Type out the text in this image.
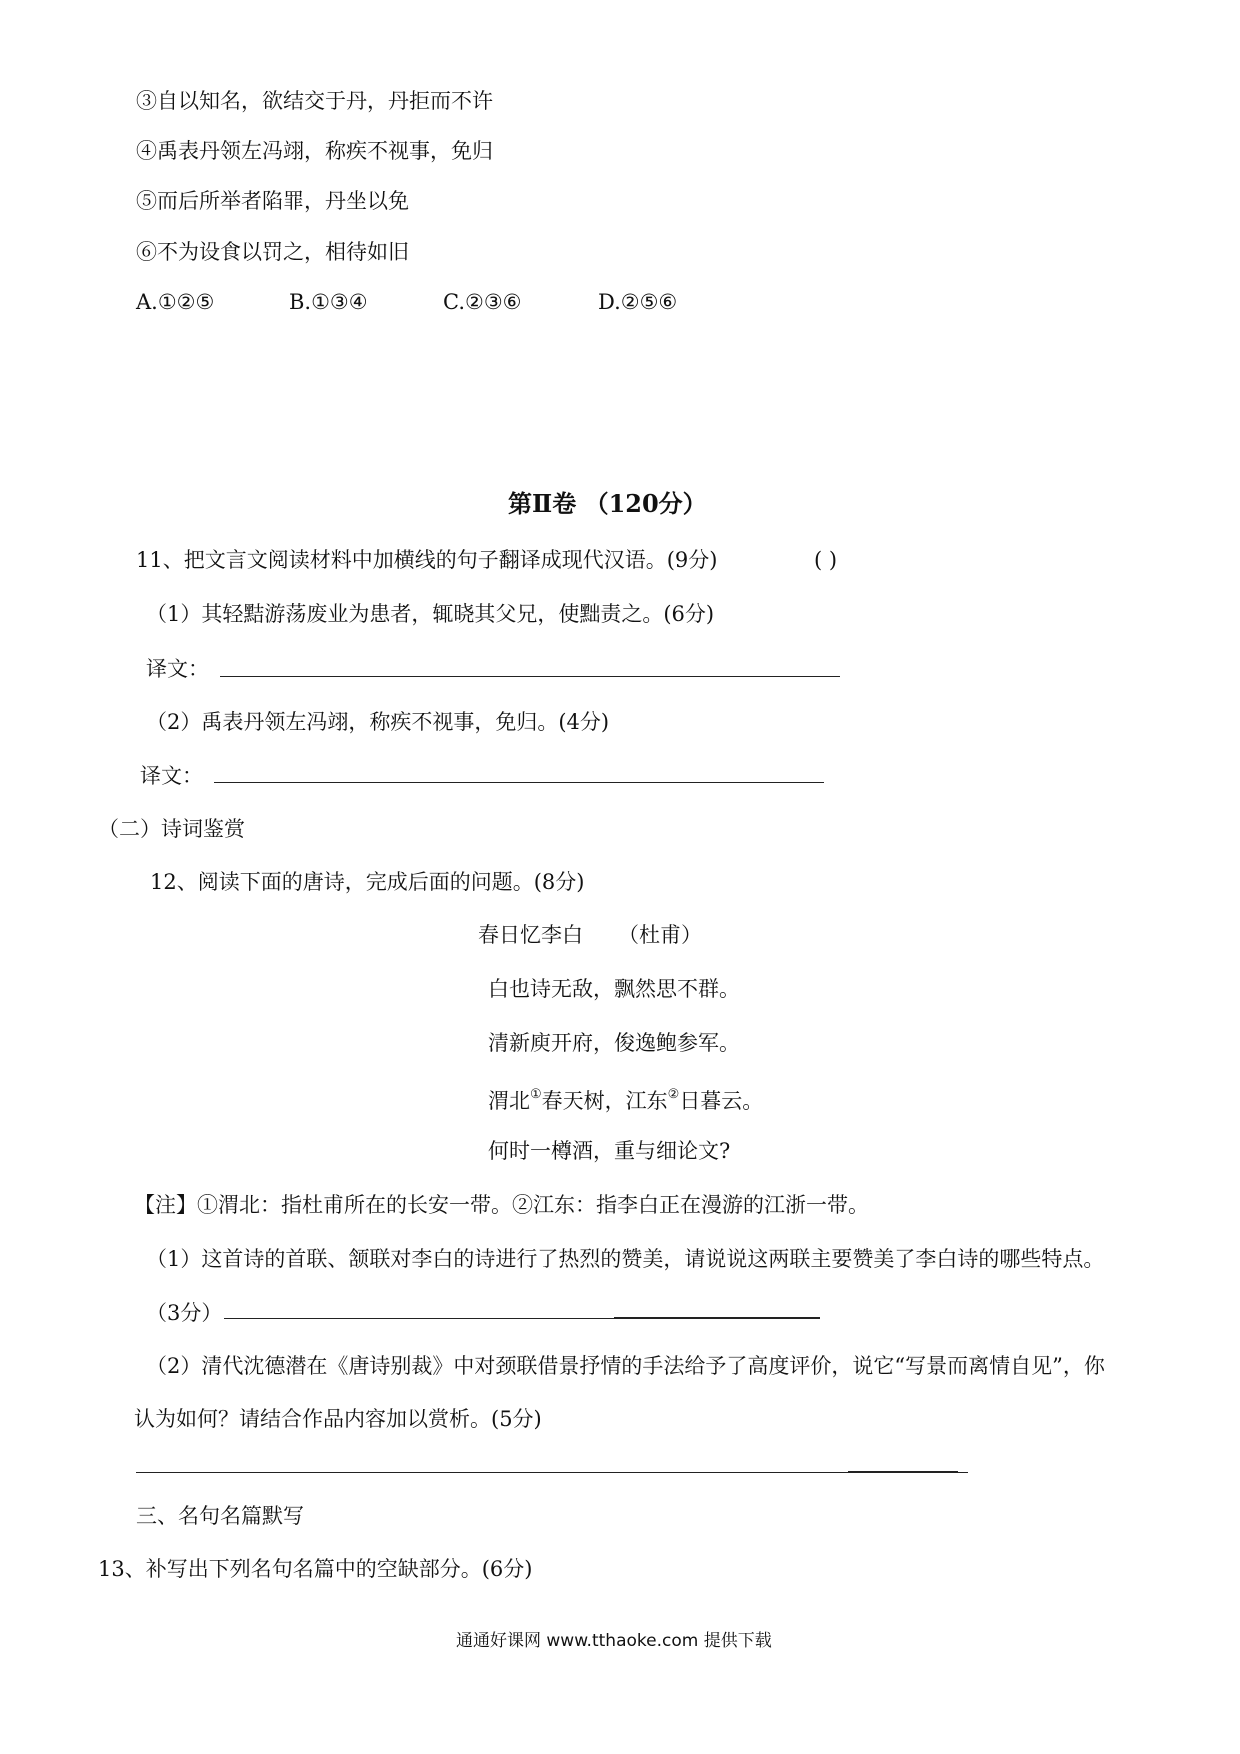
③自以知名，欲结交于丹，丹拒而不许
④禹表丹领左冯翊，称疾不视事，免归
⑤而后所举者陷罪，丹坐以免
⑥不为设食以罚之，相待如旧
A.①②⑤	B.①③④	C.②③⑥	D.②⑤⑥
第Ⅱ卷 （120分）
11、把文言文阅读材料中加横线的句子翻译成现代汉语。(9分)	( )
（1）其轻黠游荡废业为患者，辄晓其父兄，使黜责之。(6分)
译文：
（2）禹表丹领左冯翊，称疾不视事，免归。(4分)
译文：
（二）诗词鉴赏
12、阅读下面的唐诗，完成后面的问题。(8分)
春日忆李白 （杜甫）
白也诗无敌，飘然思不群。
清新庾开府，俊逸鲍参军。
渭北①春天树，江东②日暮云。
何时一樽酒，重与细论文?
【注】①渭北：指杜甫所在的长安一带。②江东：指李白正在漫游的江浙一带。
（1）这首诗的首联、颔联对李白的诗进行了热烈的赞美，请说说这两联主要赞美了李白诗的哪些特点。
（3分）
（2）清代沈德潜在《唐诗别裁》中对颈联借景抒情的手法给予了高度评价，说它“写景而离情自见”，你
认为如何？请结合作品内容加以赏析。(5分)
三、名句名篇默写
13、补写出下列名句名篇中的空缺部分。(6分)
通通好课网 www.tthaoke.com 提供下载
